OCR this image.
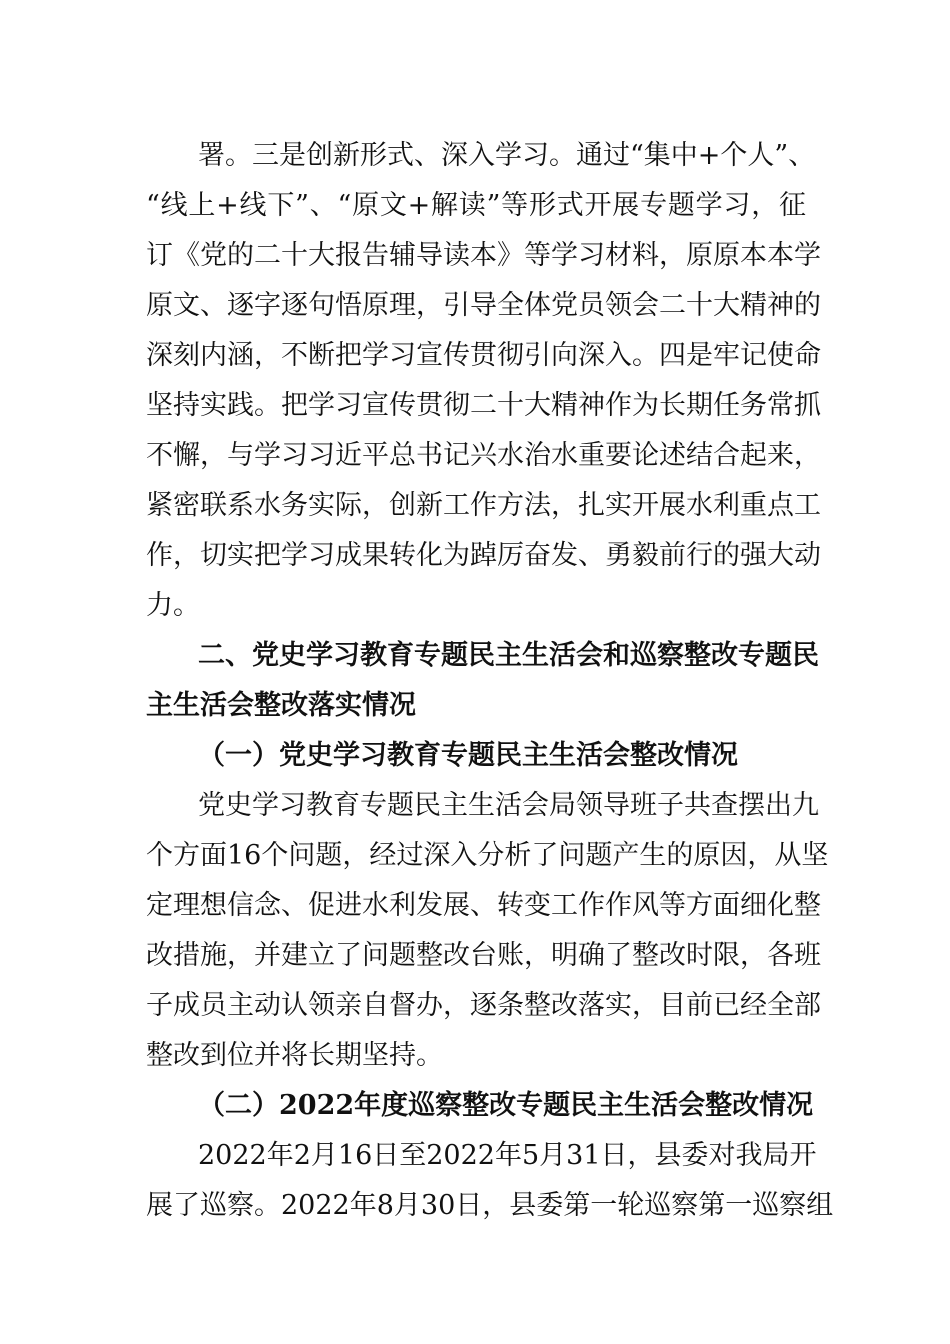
署。三是创新形式、深入学习。通过“集中+个人”、
“线上+线下”、“原文+解读”等形式开展专题学习，征
订《党的二十大报告辅导读本》等学习材料，原原本本学
原文、逐字逐句悟原理，引导全体党员领会二十大精神的
深刻内涵，不断把学习宣传贯彻引向深入。四是牢记使命
坚持实践。把学习宣传贯彻二十大精神作为长期任务常抓
不懈，与学习习近平总书记兴水治水重要论述结合起来，
紧密联系水务实际，创新工作方法，扎实开展水利重点工
作，切实把学习成果转化为踔厉奋发、勇毅前行的强大动
力。
二、党史学习教育专题民主生活会和巡察整改专题民
主生活会整改落实情况
（一）党史学习教育专题民主生活会整改情况
党史学习教育专题民主生活会局领导班子共查摆出九
个方面16个问题，经过深入分析了问题产生的原因，从坚
定理想信念、促进水利发展、转变工作作风等方面细化整
改措施，并建立了问题整改台账，明确了整改时限，各班
子成员主动认领亲自督办，逐条整改落实，目前已经全部
整改到位并将长期坚持。
（二）2022年度巡察整改专题民主生活会整改情况
2022年2月16日至2022年5月31日，县委对我局开
展了巡察。2022年8月30日，县委第一轮巡察第一巡察组
